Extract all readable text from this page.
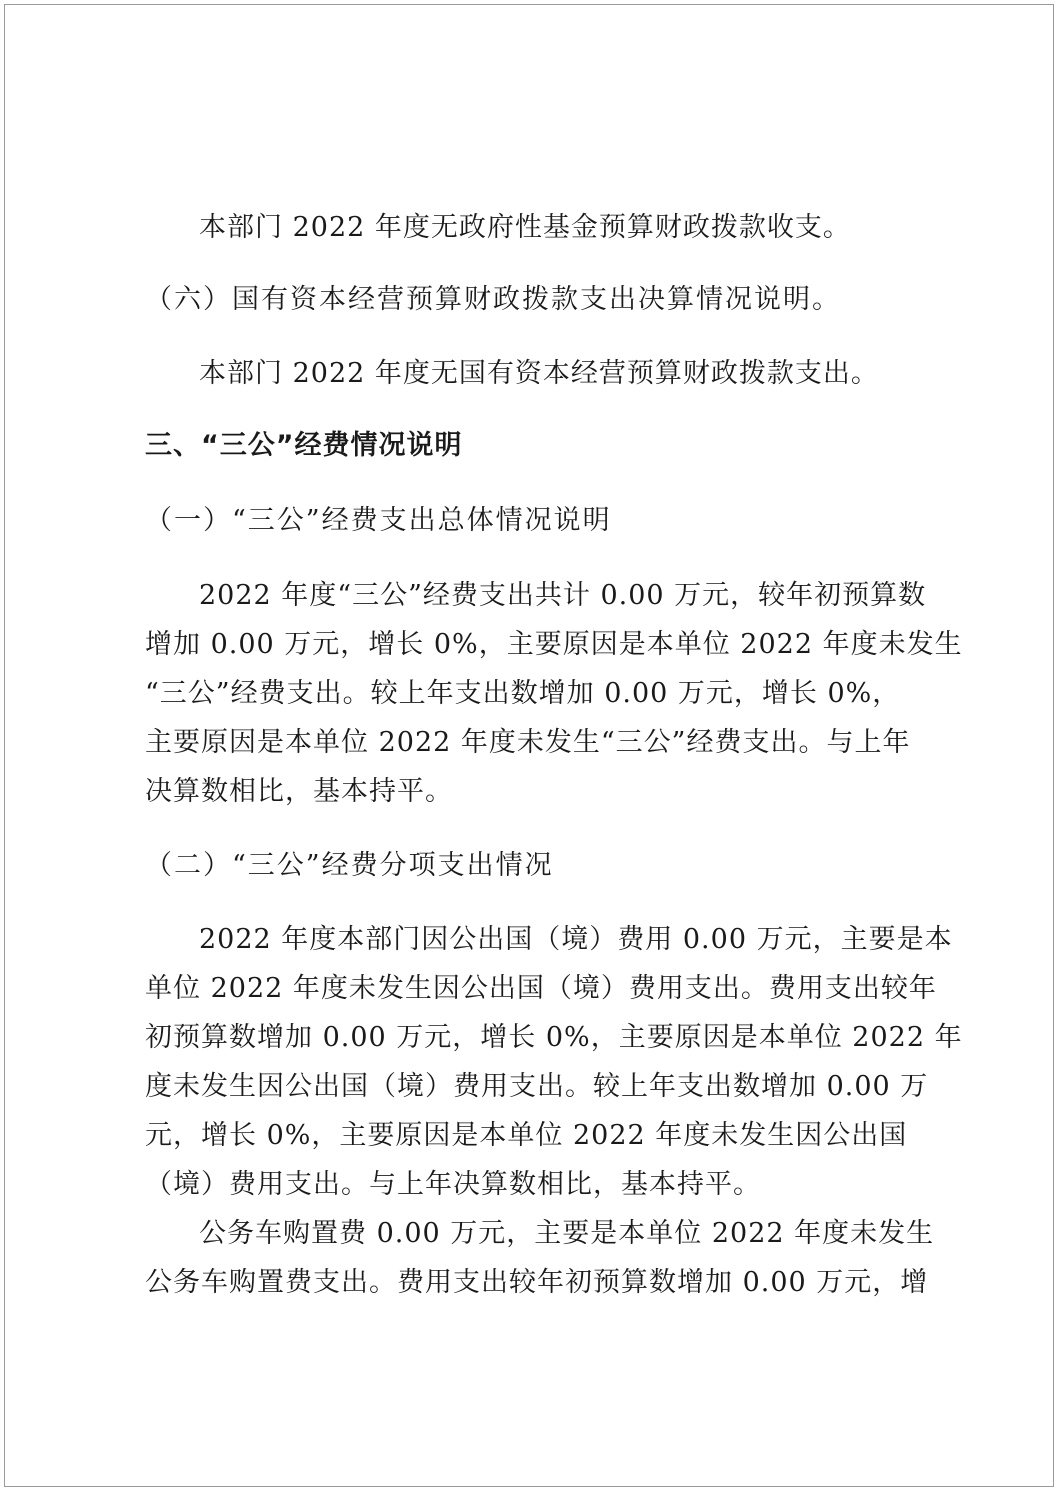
本部门 2022 年度无政府性基金预算财政拨款收支。
（六）国有资本经营预算财政拨款支出决算情况说明。
本部门 2022 年度无国有资本经营预算财政拨款支出。
三、“三公”经费情况说明
（一）“三公”经费支出总体情况说明
2022 年度“三公”经费支出共计 0.00 万元，较年初预算数
增加 0.00 万元，增长 0%，主要原因是本单位 2022 年度未发生
“三公”经费支出。较上年支出数增加 0.00 万元，增长 0%，
主要原因是本单位 2022 年度未发生“三公”经费支出。与上年
决算数相比，基本持平。
（二）“三公”经费分项支出情况
2022 年度本部门因公出国（境）费用 0.00 万元，主要是本
单位 2022 年度未发生因公出国（境）费用支出。费用支出较年
初预算数增加 0.00 万元，增长 0%，主要原因是本单位 2022 年
度未发生因公出国（境）费用支出。较上年支出数增加 0.00 万
元，增长 0%，主要原因是本单位 2022 年度未发生因公出国
（境）费用支出。与上年决算数相比，基本持平。
公务车购置费 0.00 万元，主要是本单位 2022 年度未发生
公务车购置费支出。费用支出较年初预算数增加 0.00 万元，增
